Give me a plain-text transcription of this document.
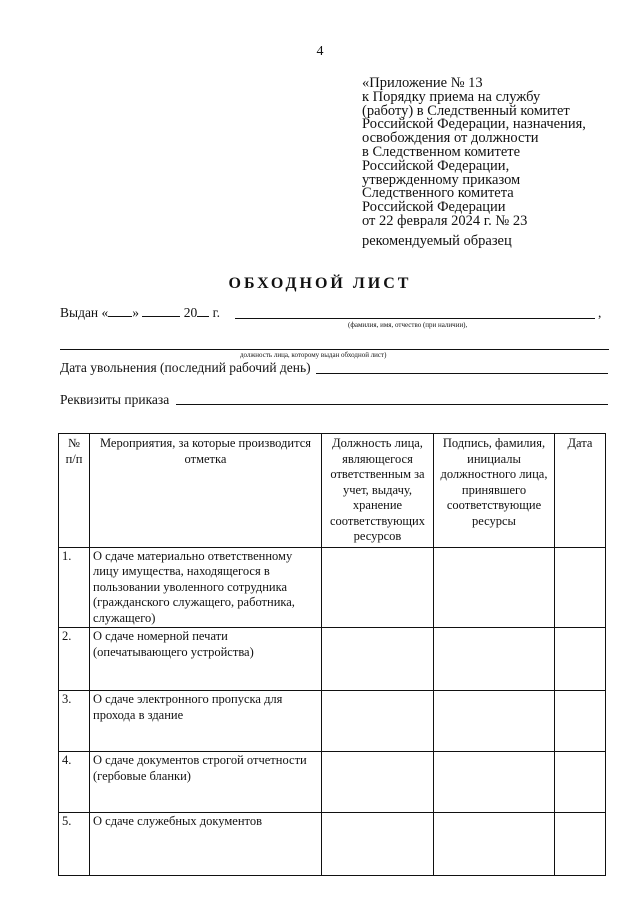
4
«Приложение № 13
к Порядку приема на службу
(работу) в Следственный комитет
Российской Федерации, назначения,
освобождения от должности
в Следственном комитете
Российской Федерации,
утвержденному приказом
Следственного комитета
Российской Федерации
от 22 февраля 2024 г. № 23
рекомендуемый образец
ОБХОДНОЙ ЛИСТ
Выдан « »	20 г.	,
(фамилия, имя, отчество (при наличии),
должность лица, которому выдан обходной лист)
Дата увольнения (последний рабочий день)
Реквизиты приказа
№ п/п	Мероприятия, за которые производится отметка	Должность лица, являющегося ответственным за учет, выдачу, хранение соответствующих ресурсов	Подпись, фамилия, инициалы должностного лица, принявшего соответствующие ресурсы	Дата
1.	О сдаче материально ответственному лицу имущества, находящегося в пользовании уволенного сотрудника (гражданского служащего, работника, служащего)			
2.	О сдаче номерной печати (опечатывающего устройства)			
3.	О сдаче электронного пропуска для прохода в здание			
4.	О сдаче документов строгой отчетности (гербовые бланки)			
5.	О сдаче служебных документов			
